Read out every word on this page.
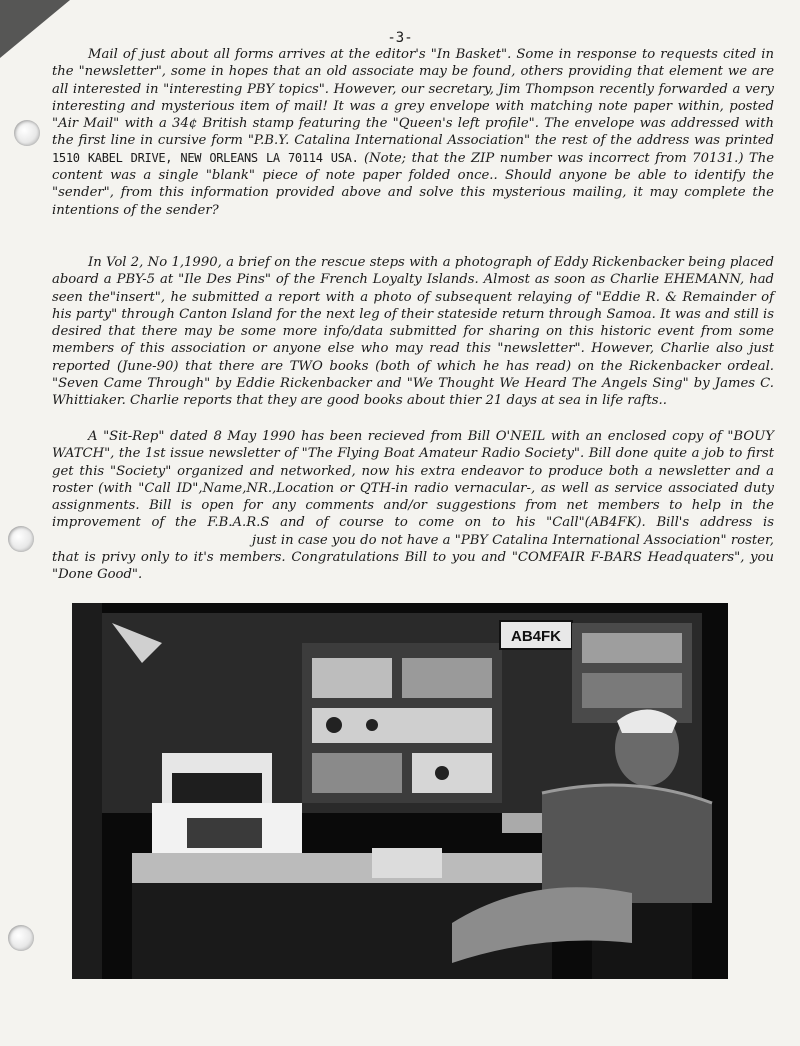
-3-

Mail of just about all forms arrives at the editor's "In Basket". Some in response to requests cited in the "newsletter", some in hopes that an old associate may be found, others providing that element we are all interested in "interesting PBY topics". However, our secretary, Jim Thompson recently forwarded a very interesting and mysterious item of mail! It was a grey envelope with matching note paper within, posted "Air Mail" with a 34¢ British stamp featuring the "Queen's left profile". The envelope was addressed with the first line in cursive form "P.B.Y. Catalina International Association" the rest of the address was printed 1510 KABEL DRIVE, NEW ORLEANS LA 70114 USA. (Note; that the ZIP number was incorrect from 70131.) The content was a single "blank" piece of note paper folded once.. Should anyone be able to identify the "sender", from this information provided above and solve this mysterious mailing, it may complete the intentions of the sender?

In Vol 2, No 1,1990, a brief on the rescue steps with a photograph of Eddy Rickenbacker being placed aboard a PBY-5 at "Ile Des Pins" of the French Loyalty Islands. Almost as soon as Charlie EHEMANN, had seen the"insert", he submitted a report with a photo of subsequent relaying of "Eddie R. & Remainder of his party" through Canton Island for the next leg of their stateside return through Samoa. It was and still is desired that there may be some more info/data submitted for sharing on this historic event from some members of this association or anyone else who may read this "newsletter". However, Charlie also just reported (June-90) that there are TWO books (both of which he has read) on the Rickenbacker ordeal. "Seven Came Through" by Eddie Rickenbacker and "We Thought We Heard The Angels Sing" by James C. Whittiaker. Charlie reports that they are good books about thier 21 days at sea in life rafts..

A "Sit-Rep" dated 8 May 1990 has been recieved from Bill O'NEIL with an enclosed copy of "BOUY WATCH", the 1st issue newsletter of "The Flying Boat Amateur Radio Society". Bill done quite a job to first get this "Society" organized and networked, now his extra endeavor to produce both a newsletter and a roster (with "Call ID",Name,NR.,Location or QTH-in radio vernacular-, as well as service associated duty assignments. Bill is open for any comments and/or suggestions from net members to help in the improvement of the F.B.A.R.S and of course to come on to his "Call"(AB4FK). Bill's address isjust in case you do not have a "PBY Catalina International Association" roster, that is privy only to it's members. Congratulations Bill to you and "COMFAIR F-BARS Headquaters", you "Done Good".

AB4FK
